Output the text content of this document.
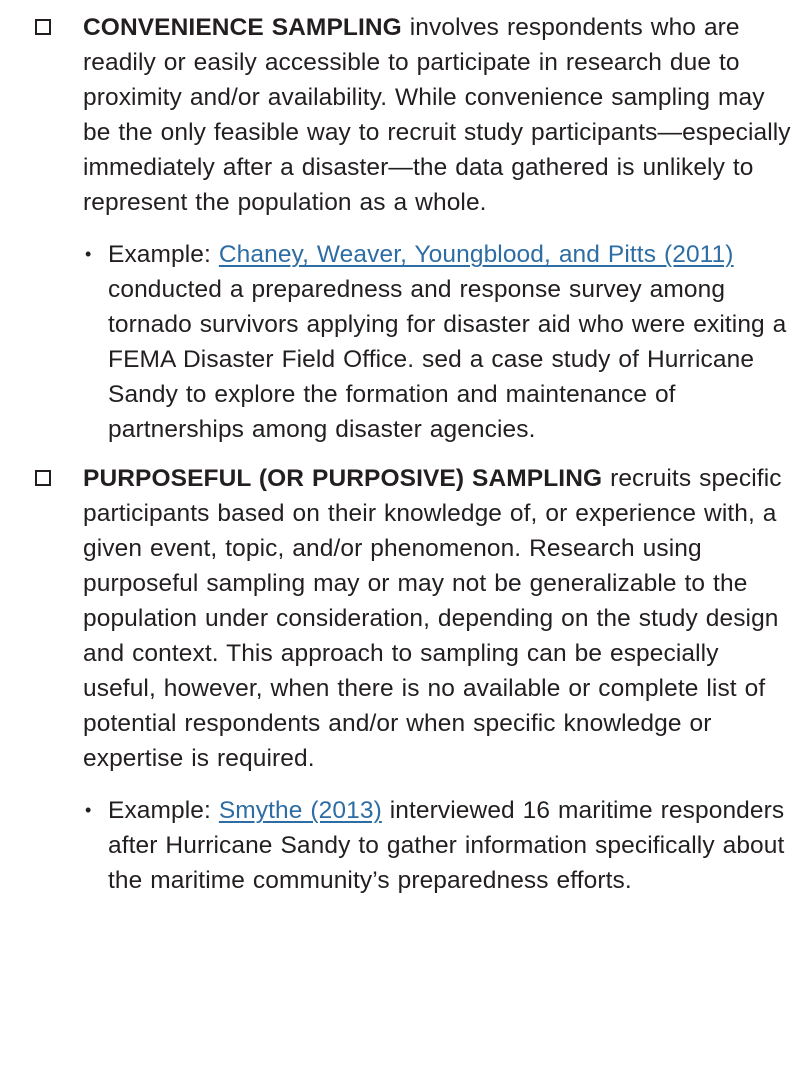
CONVENIENCE SAMPLING involves respondents who are readily or easily accessible to participate in research due to proximity and/or availability. While convenience sampling may be the only feasible way to recruit study participants—especially immediately after a disaster—the data gathered is unlikely to represent the population as a whole.

• Example: Chaney, Weaver, Youngblood, and Pitts (2011) conducted a preparedness and response survey among tornado survivors applying for disaster aid who were exiting a FEMA Disaster Field Office. sed a case study of Hurricane Sandy to explore the formation and maintenance of partnerships among disaster agencies.

PURPOSEFUL (OR PURPOSIVE) SAMPLING recruits specific participants based on their knowledge of, or experience with, a given event, topic, and/or phenomenon. Research using purposeful sampling may or may not be generalizable to the population under consideration, depending on the study design and context. This approach to sampling can be especially useful, however, when there is no available or complete list of potential respondents and/or when specific knowledge or expertise is required.

• Example: Smythe (2013) interviewed 16 maritime responders after Hurricane Sandy to gather information specifically about the maritime community’s preparedness efforts.
